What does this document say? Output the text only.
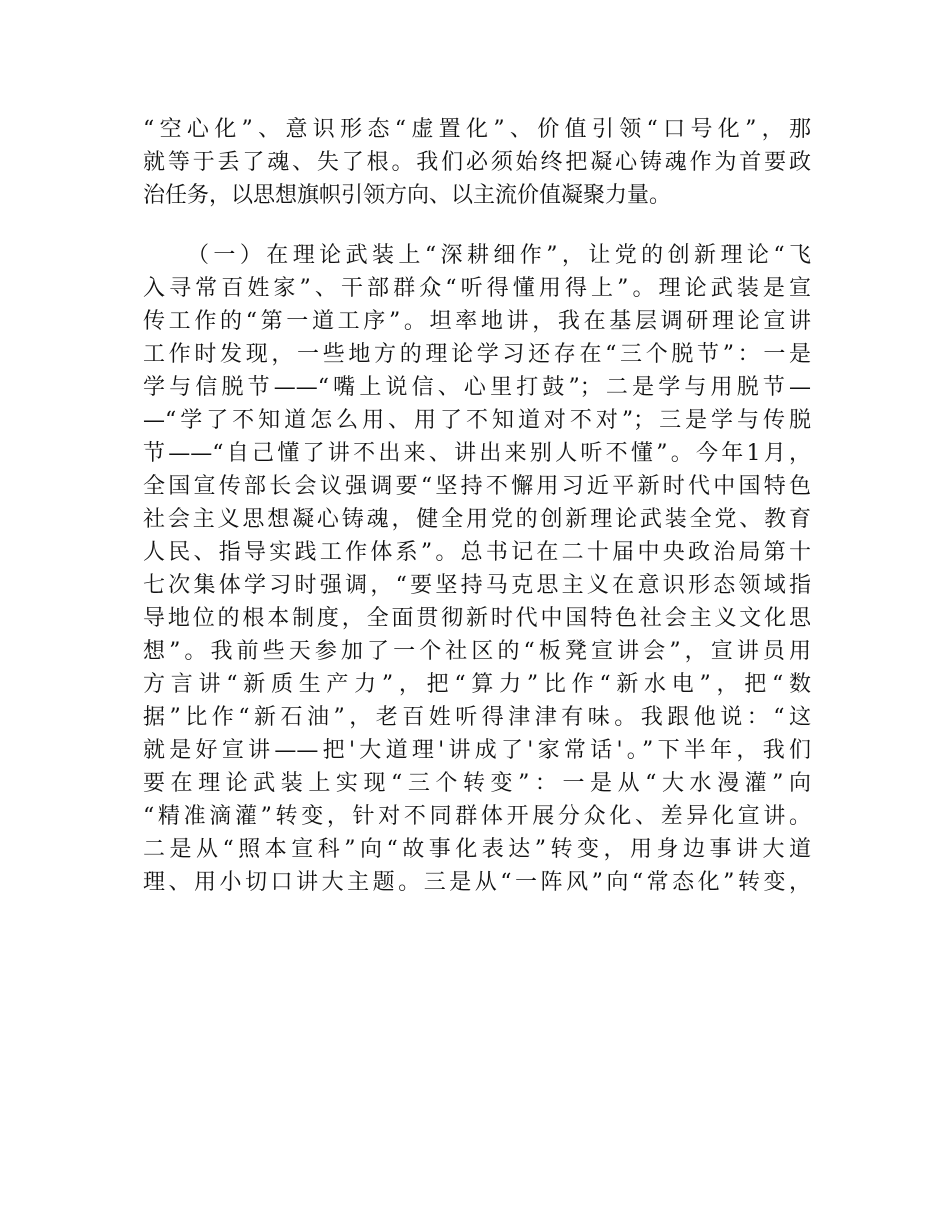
“空心化”、意识形态“虚置化”、价值引领“口号化”，那
就等于丢了魂、失了根。我们必须始终把凝心铸魂作为首要政
治任务，以思想旗帜引领方向、以主流价值凝聚力量。
（一）在理论武装上“深耕细作”，让党的创新理论“飞
入寻常百姓家”、干部群众“听得懂用得上”。理论武装是宣
传工作的“第一道工序”。坦率地讲，我在基层调研理论宣讲
工作时发现，一些地方的理论学习还存在“三个脱节”：一是
学与信脱节——“嘴上说信、心里打鼓”；二是学与用脱节—
—“学了不知道怎么用、用了不知道对不对”；三是学与传脱
节——“自己懂了讲不出来、讲出来别人听不懂”。今年1月，
全国宣传部长会议强调要“坚持不懈用习近平新时代中国特色
社会主义思想凝心铸魂，健全用党的创新理论武装全党、教育
人民、指导实践工作体系”。总书记在二十届中央政治局第十
七次集体学习时强调，“要坚持马克思主义在意识形态领域指
导地位的根本制度，全面贯彻新时代中国特色社会主义文化思
想”。我前些天参加了一个社区的“板凳宣讲会”，宣讲员用
方言讲“新质生产力”，把“算力”比作“新水电”，把“数
据”比作“新石油”，老百姓听得津津有味。我跟他说：“这
就是好宣讲——把'大道理'讲成了'家常话'。”下半年，我们
要在理论武装上实现“三个转变”：一是从“大水漫灌”向
“精准滴灌”转变，针对不同群体开展分众化、差异化宣讲。
二是从“照本宣科”向“故事化表达”转变，用身边事讲大道
理、用小切口讲大主题。三是从“一阵风”向“常态化”转变，
